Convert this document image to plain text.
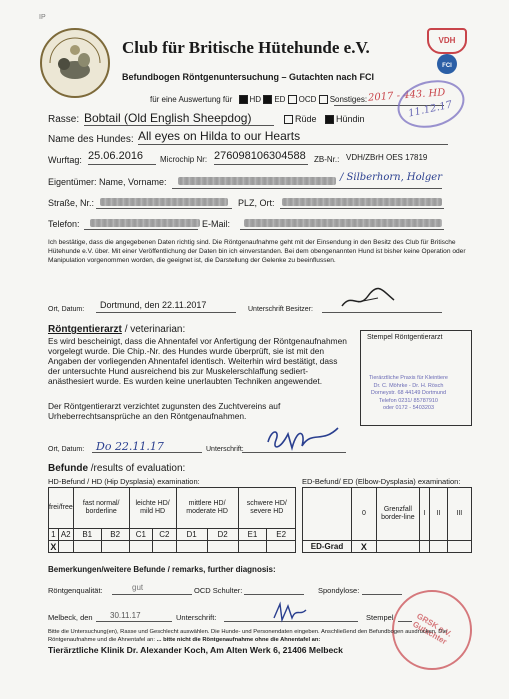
IP
Club für Britische Hütehunde e.V.	VDH
FCI
Befundbogen Röntgenuntersuchung – Gutachten nach FCI
für eine Auswertung für HD ED OCD Sonstiges: 2017 - 443. HD
11.12.17
Rasse: Bobtail (Old English Sheepdog)	Rüde Hündin
Name des Hundes: All eyes on Hilda to our Hearts
Wurftag: 25.06.2016 Microchip Nr: 276098106304588 ZB-Nr.: VDH/ZBrH OES 17819
Eigentümer: Name, Vorname:	/ Silberhorn, Holger
Straße, Nr.:	PLZ, Ort:
Telefon:	E-Mail:
Ich bestätige, dass die angegebenen Daten richtig sind. Die Röntgenaufnahme geht mit der Einsendung in den Besitz des Club für Britische Hütehunde e.V. über. Mit einer Veröffentlichung der Daten bin ich einverstanden. Bei dem obengenannten Hund ist bisher keine Operation oder Manipulation vorgenommen worden, die geeignet ist, die Darstellung der Gelenke zu beeinflussen.
Ort, Datum: Dortmund, den 22.11.2017	Unterschrift Besitzer:
Röntgentierarzt / veterinarian:
Es wird bescheinigt, dass die Ahnentafel vor Anfertigung der Röntgenaufnahmen vorgelegt wurde. Die Chip.-Nr. des Hundes wurde überprüft, sie ist mit den Angaben der vorliegenden Ahnentafel identisch. Weiterhin wird bestätigt, dass der untersuchte Hund ausreichend bis zur Muskelerschlaffung sediert-anästhesiert wurde. Es wurden keine unerlaubten Techniken angewendet.
Der Röntgentierarzt verzichtet zugunsten des Zuchtvereins auf Urheberrechtsansprüche an den Röntgenaufnahmen.
Stempel Röntgentierarzt
Tierärztliche Praxis für Kleintiere
Dr. C. Möhrke - Dr. H. Rösch
Dorneystr. 68 44149 Dortmund
Telefon 0231/ 85787910
oder 0172 - 5403203
Ort, Datum: Do 22.11.17	Unterschrift:
Befunde /results of evaluation:
HD-Befund / HD (Hip Dysplasia) examination:	ED-Befund/ ED (Elbow-Dysplasia) examination:
frei/free		fast normal/ borderline		leichte HD/ mild HD		mittlere HD/ moderate HD		schwere HD/ severe HD	
1	A2	B1	B2	C1	C2	D1	D2	E1	E2
X									
	0	Grenzfall border-line	I	II	III
ED-Grad	X				
Bemerkungen/weitere Befunde / remarks, further diagnosis:
Röntgenqualität:	gut	OCD Schulter:	Spondylose:
Melbeck, den 30.11.17	Unterschrift:	Stempel	GRSK e.V. Gutachter
Bitte die Untersuchung(en), Rasse und Geschlecht auswählen. Die Hunde- und Personendaten eingeben. Anschließend den Befundbogen ausdrucken. Die Röntgenaufnahme und die Ahnentafel an: ... bitte nicht die Röntgenaufnahme ohne die Ahnentafel an:
Tierärztliche Klinik Dr. Alexander Koch, Am Alten Werk 6, 21406 Melbeck
